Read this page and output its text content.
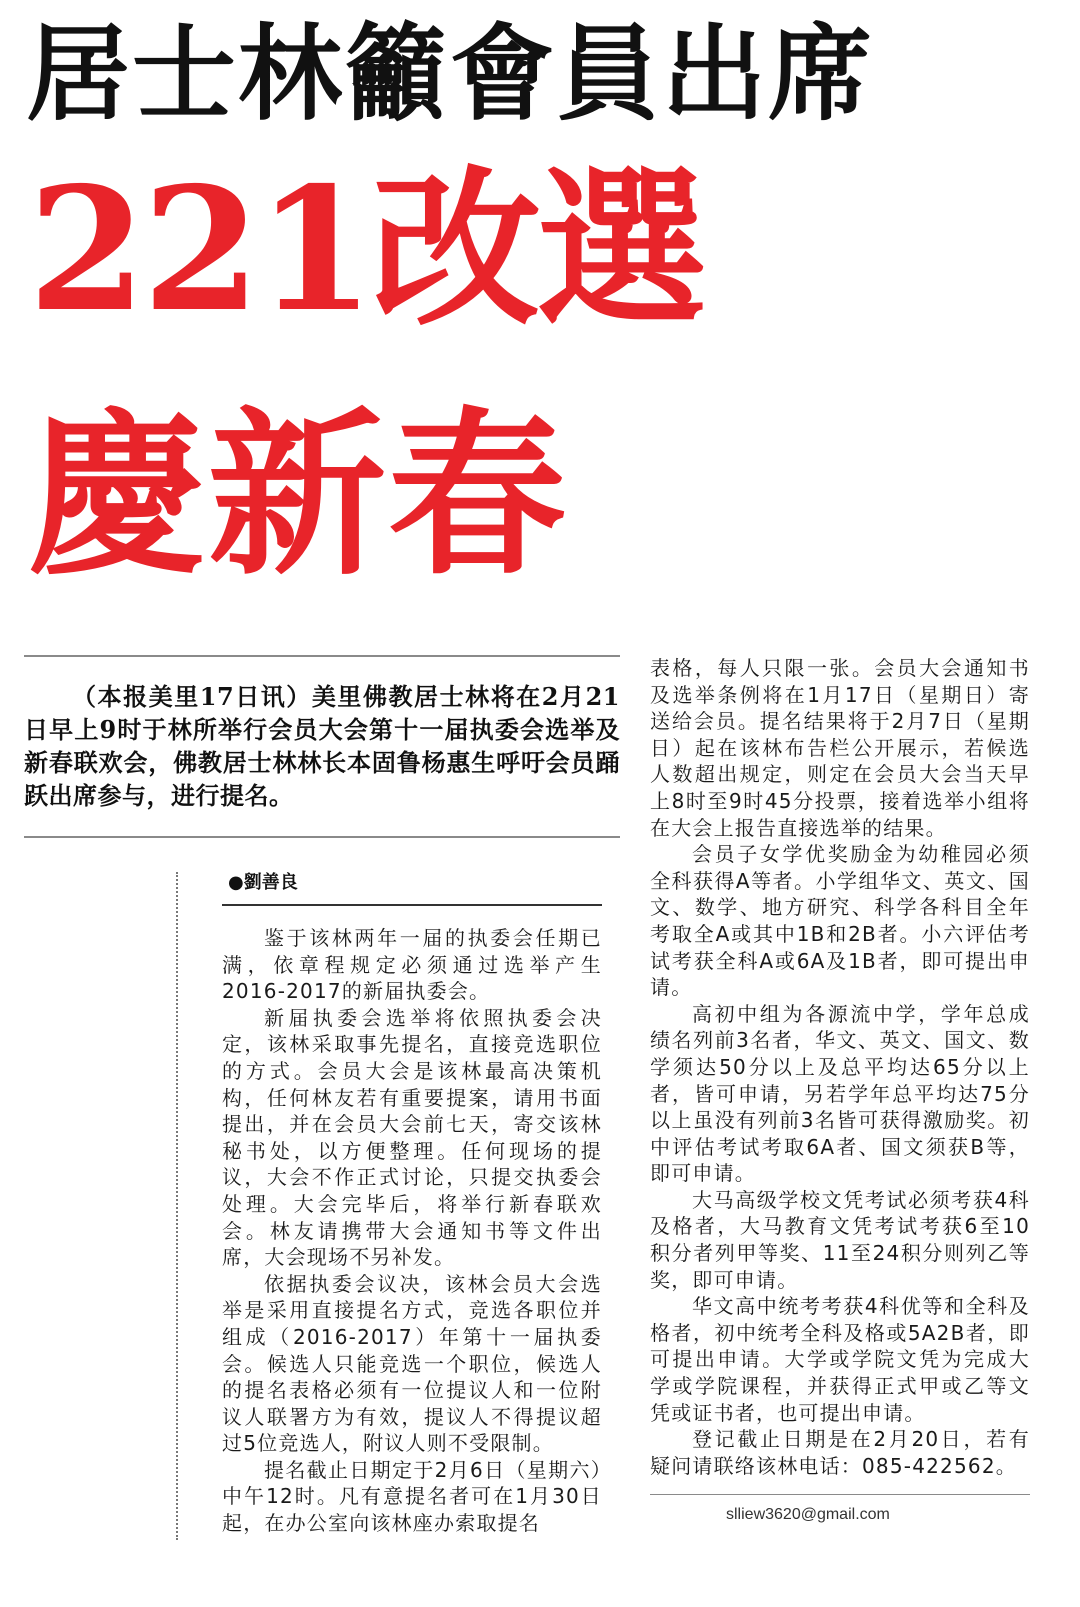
居士林籲會員出席
221改選
慶新春
（本报美里17日讯）美里佛教居士林将在2月21日早上9时于林所举行会员大会第十一届执委会选举及新春联欢会，佛教居士林林长本固鲁杨惠生呼吁会员踊跃出席参与，进行提名。
●劉善良

鉴于该林两年一届的执委会任期已满，依章程规定必须通过选举产生2016-2017的新届执委会。

新届执委会选举将依照执委会决定，该林采取事先提名，直接竞选职位的方式。会员大会是该林最高决策机构，任何林友若有重要提案，请用书面提出，并在会员大会前七天，寄交该林秘书处，以方便整理。任何现场的提议，大会不作正式讨论，只提交执委会处理。大会完毕后，将举行新春联欢会。林友请携带大会通知书等文件出席，大会现场不另补发。

依据执委会议决，该林会员大会选举是采用直接提名方式，竞选各职位并组成（2016-2017）年第十一届执委会。候选人只能竞选一个职位，候选人的提名表格必须有一位提议人和一位附议人联署方为有效，提议人不得提议超过5位竞选人，附议人则不受限制。

提名截止日期定于2月6日（星期六）中午12时。凡有意提名者可在1月30日起，在办公室向该林座办索取提名

表格，每人只限一张。会员大会通知书及选举条例将在1月17日（星期日）寄送给会员。提名结果将于2月7日（星期日）起在该林布告栏公开展示，若候选人数超出规定，则定在会员大会当天早上8时至9时45分投票，接着选举小组将在大会上报告直接选举的结果。

会员子女学优奖励金为幼稚园必须全科获得A等者。小学组华文、英文、国文、数学、地方研究、科学各科目全年考取全A或其中1B和2B者。小六评估考试考获全科A或6A及1B者，即可提出申请。

高初中组为各源流中学，学年总成绩名列前3名者，华文、英文、国文、数学须达50分以上及总平均达65分以上者，皆可申请，另若学年总平均达75分以上虽没有列前3名皆可获得激励奖。初中评估考试考取6A者、国文须获B等，即可申请。

大马高级学校文凭考试必须考获4科及格者，大马教育文凭考试考获6至10积分者列甲等奖、11至24积分则列乙等奖，即可申请。

华文高中统考考获4科优等和全科及格者，初中统考全科及格或5A2B者，即可提出申请。大学或学院文凭为完成大学或学院课程，并获得正式甲或乙等文凭或证书者，也可提出申请。

登记截止日期是在2月20日，若有疑问请联络该林电话：085-422562。

slliew3620@gmail.com
